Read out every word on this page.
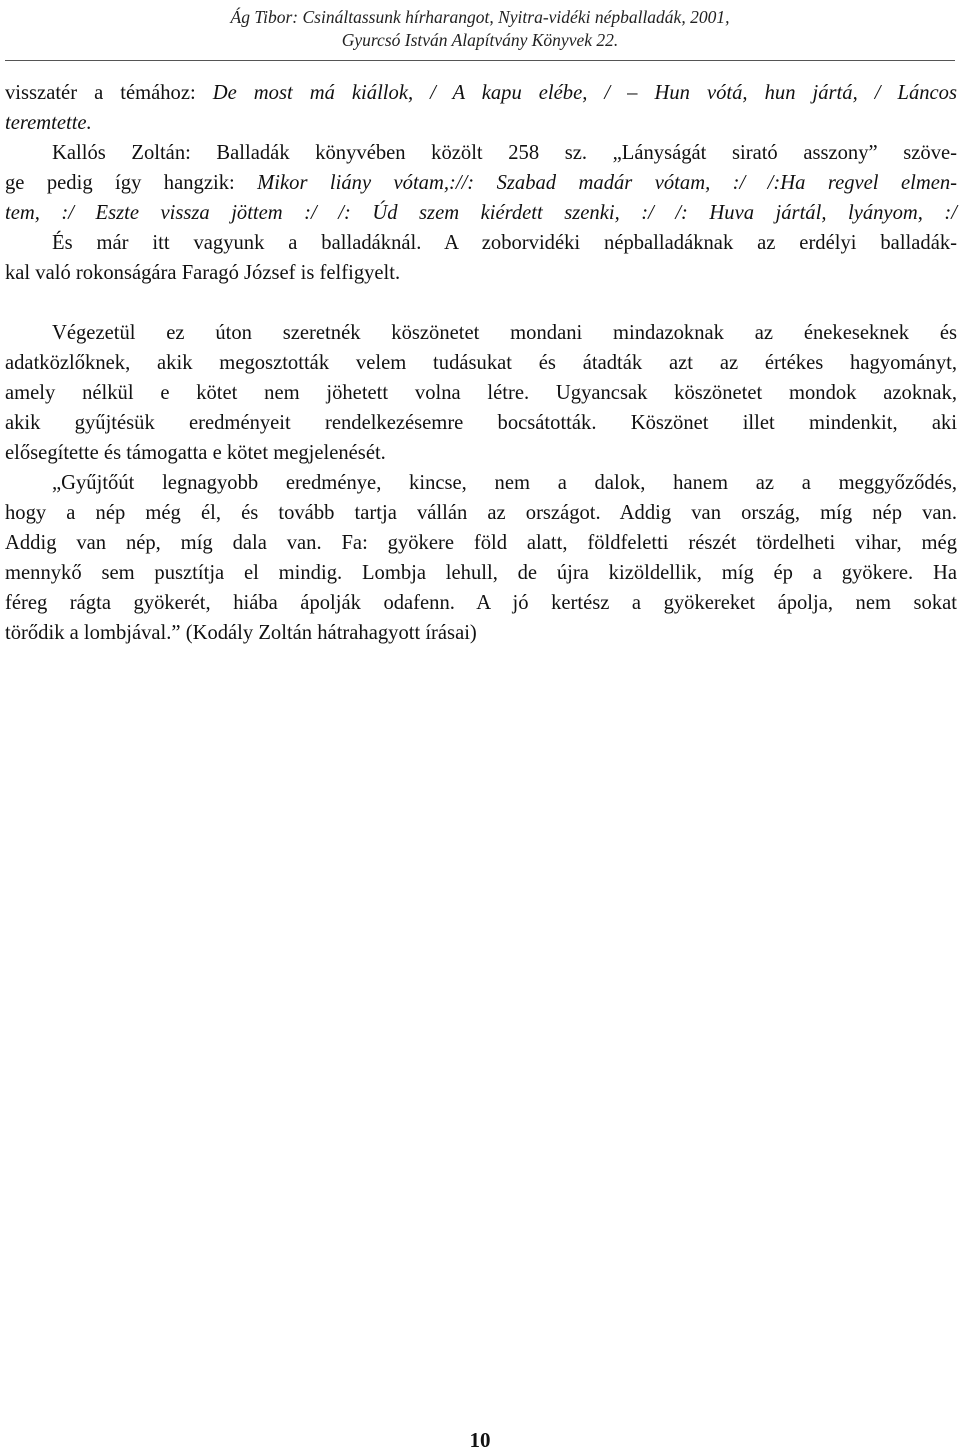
Ág Tibor: Csináltassunk hírharangot, Nyitra-vidéki népballadák, 2001,
Gyurcsó István Alapítvány Könyvek 22.
visszatér a témához: De most má kiállok, / A kapu elébe, / – Hun vótá, hun jártá, / Láncos
teremtette.
Kallós Zoltán: Balladák könyvében közölt 258 sz. „Lányságát sirató asszony” szöve-
ge pedig így hangzik: Mikor liány vótam,://: Szabad madár vótam, :/ /:Ha regvel elmen-
tem, :/ Eszte vissza jöttem :/ /: Úd szem kiérdett szenki, :/ /: Huva jártál, lyányom, :/
És már itt vagyunk a balladáknál. A zoborvidéki népballadáknak az erdélyi balladák-
kal való rokonságára Faragó József is felfigyelt.
Végezetül ez úton szeretnék köszönetet mondani mindazoknak az énekeseknek és
adatközlőknek, akik megosztották velem tudásukat és átadták azt az értékes hagyományt,
amely nélkül e kötet nem jöhetett volna létre. Ugyancsak köszönetet mondok azoknak,
akik gyűjtésük eredményeit rendelkezésemre bocsátották. Köszönet illet mindenkit, aki
elősegítette és támogatta e kötet megjelenését.
„Gyűjtőút legnagyobb eredménye, kincse, nem a dalok, hanem az a meggyőződés,
hogy a nép még él, és tovább tartja vállán az országot. Addig van ország, míg nép van.
Addig van nép, míg dala van. Fa: gyökere föld alatt, földfeletti részét tördelheti vihar, még
mennykő sem pusztítja el mindig. Lombja lehull, de újra kizöldellik, míg ép a gyökere. Ha
féreg rágta gyökerét, hiába ápolják odafenn. A jó kertész a gyökereket ápolja, nem sokat
törődik a lombjával.” (Kodály Zoltán hátrahagyott írásai)
10
